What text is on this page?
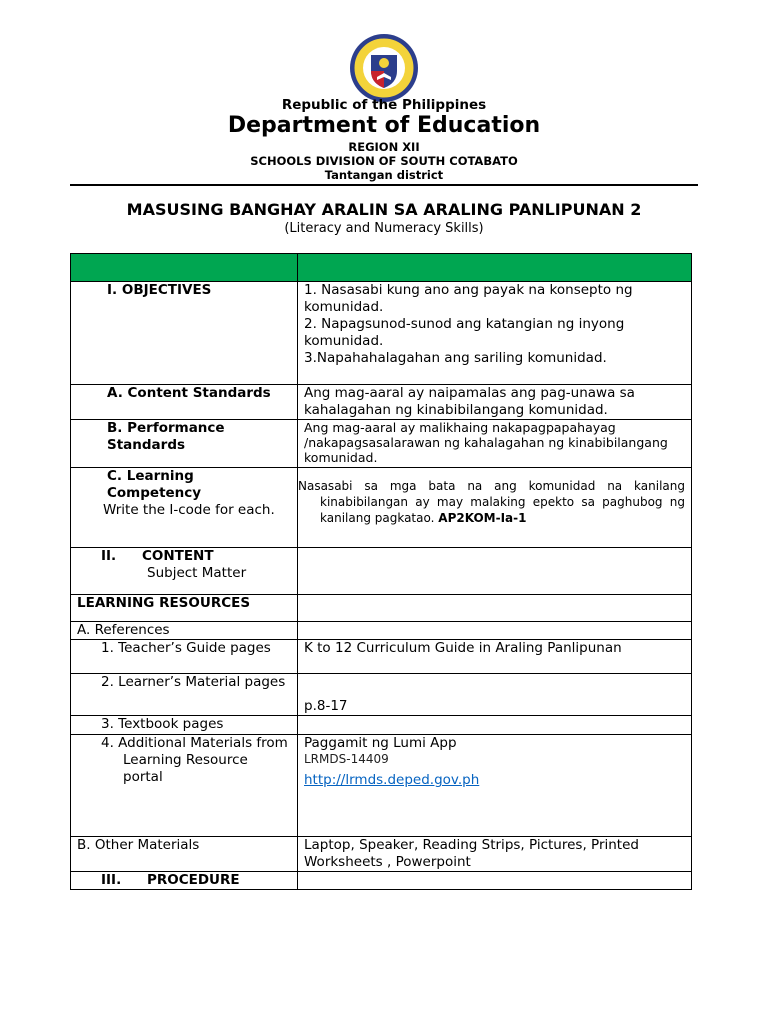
Republic of the Philippines
Department of Education
REGION XII
SCHOOLS DIVISION OF SOUTH COTABATO
Tantangan district
MASUSING BANGHAY ARALIN SA ARALING PANLIPUNAN 2
(Literacy and Numeracy Skills)

I. OBJECTIVES	1. Nasasabi kung ano ang payak na konsepto ng komunidad.
2. Napagsunod-sunod ang katangian ng inyong komunidad.
3.Napahahalagahan ang sariling komunidad.

A. Content Standards	Ang mag-aaral ay naipamalas ang pag-unawa sa kahalagahan ng kinabibilangang komunidad.
B. Performance Standards	Ang mag-aaral ay malikhaing nakapagpapahayag /nakapagsasalarawan ng kahalagahan ng kinabibilangang komunidad.

C. Learning Competency
Write the I-code for each.	Nasasabi sa mga bata na ang komunidad na kanilang kinabibilangan ay may malaking epekto sa paghubog ng kanilang pagkatao. AP2KOM-Ia-1

II. CONTENT
Subject Matter	

LEARNING RESOURCES	
A. References	

1. Teacher’s Guide pages	K to 12 Curriculum Guide in Araling Panlipunan

2. Learner’s Material pages	p.8-17

3. Textbook pages	

4. Additional Materials from Learning Resource portal	Paggamit ng Lumi App
LRMDS-14409
http://lrmds.deped.gov.ph

B. Other Materials	Laptop, Speaker, Reading Strips, Pictures, Printed Worksheets , Powerpoint
III. PROCEDURE	
